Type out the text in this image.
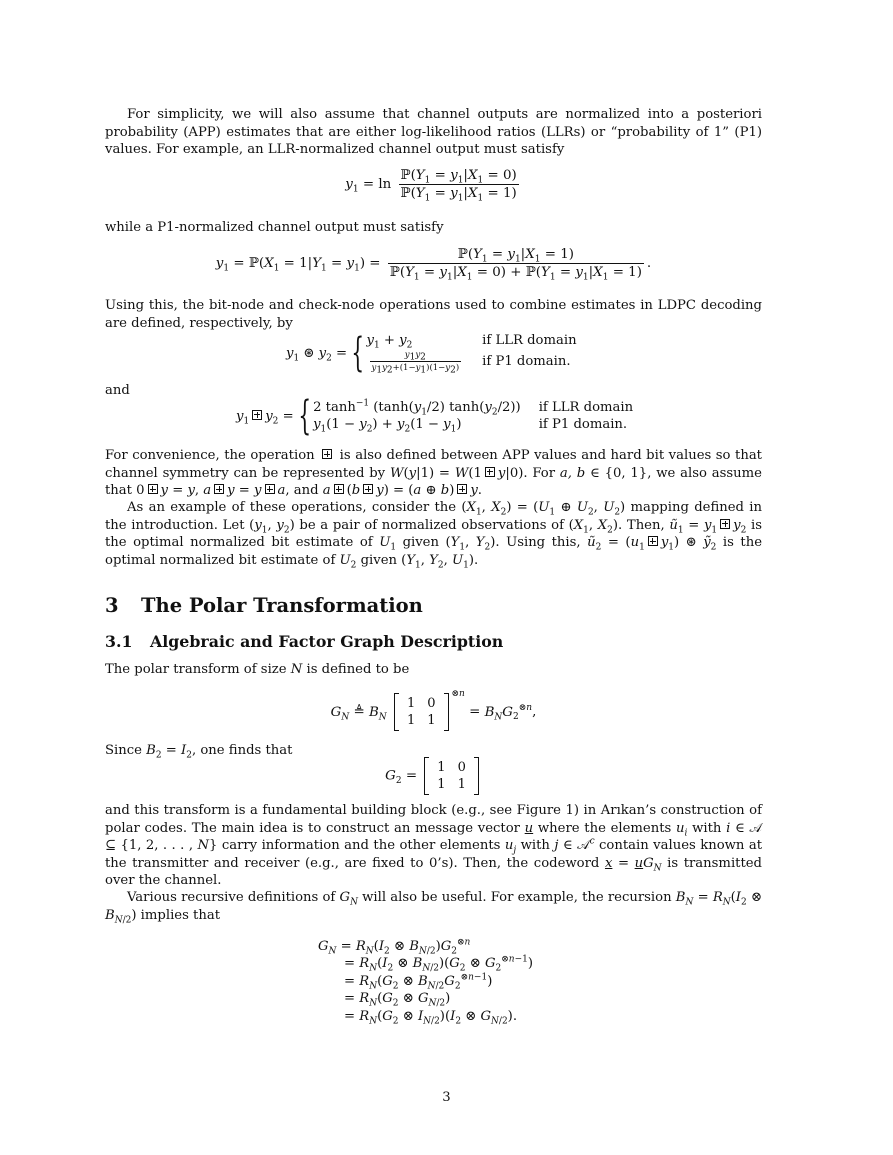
For simplicity, we will also assume that channel outputs are normalized into a posteriori probability (APP) estimates that are either log-likelihood ratios (LLRs) or “probability of 1” (P1) values. For example, an LLR-normalized channel output must satisfy

$y_1 = \ln \frac{ℙ(Y_1 = y_1|X_1 = 0)}{ℙ(Y_1 = y_1|X_1 = 1)}$

while a P1-normalized channel output must satisfy

$y_1$ = $ℙ(X_1 = 1|Y_1 = y_1) = \frac{ℙ(Y_1 = y_1|X_1 = 1)}{ℙ(Y_1 = y_1|X_1 = 0) + ℙ(Y_1 = y_1|X_1 = 1)}$ .

Using this, the bit-node and check-node operations used to combine estimates in LDPC decoding are defined, respectively, by

$y_1$ ⊛ $y_2$ = { $y_1 + y_2$	if LLR domain
$\frac{y_1y_2}{y_1y_2+(1-y_1)(1-y_2)}$ if P1 domain.

and

$y_1$ $y_2$ = { 2 $\tanh^{-1} (\tanh(y_1/2)$ $\tanh(y_2/2)$) if LLR domain
$y_1(1 - y_2) + y_2(1 - y_1)$	if P1 domain.

For convenience, the operation  is also defined between APP values and hard bit values so that channel symmetry can be represented by W(y|1) = W(1 y|0). For a, b ∈ {0, 1}, we also assume that 0 y = y, a y = y a, and a (b y) = (a ⊕ b) y.

As an example of these operations, consider the ($X_1$, $X_2) = (U_1$ ⊕ $U_2$, $U_2$) mapping defined in the introduction. Let ($y_1$, $y_2$) be a pair of normalized observations of ($X_1$, $X_2$). Then, $ũ_1 = y_1$ $y_2$ is the optimal normalized bit estimate of $U_1$ given ($Y_1$, $Y_2$). Using this, $ũ_2 = (u_1$ $y_1$) ⊛ ỹ$_2$ is the optimal normalized bit estimate of $U_2$ given ($Y_1$, $Y_2$, $U_1$).

3 The Polar Transformation
3.1 Algebraic and Factor Graph Description

The polar transform of size N is defined to be

$G_N$ ≜ $B_N$
1	0
1	1
$^{\otimes n} = B_NG_2^{\otimes n}$,

Since $B_2 = I_2$, one finds that

$G_2$ =
1	0
1	1

and this transform is a fundamental building block (e.g., see Figure 1) in Arıkan’s construction of polar codes. The main idea is to construct an message vector u where the elements $u_i$ with i ∈ 𝒜 ⊆ {1, 2, . . . , N} carry information and the other elements $u_j$ with j ∈ 𝒜$^c$ contain values known at the transmitter and receiver (e.g., are fixed to 0’s). Then, the codeword $x = uG_N$ is transmitted over the channel.

Various recursive definitions of $G_N$ will also be useful. For example, the recursion $B_N = R_N(I_2$ ⊗ $B_{N/2}$) implies that

$G_N = R_N(I_2$ ⊗ $B_{N/2})G_2^{\otimes n}$
= $R_N(I_2$ ⊗ $B_{N/2})(G_2$ ⊗ $G_2^{\otimes n-1}$)
= $R_N(G_2$ ⊗ $B_{N/2}G_2^{\otimes n-1}$)
= $R_N(G_2$ ⊗ $G_{N/2}$)
= $R_N(G_2$ ⊗ $I_{N/2})(I_2$ ⊗ $G_{N/2}$).
3
